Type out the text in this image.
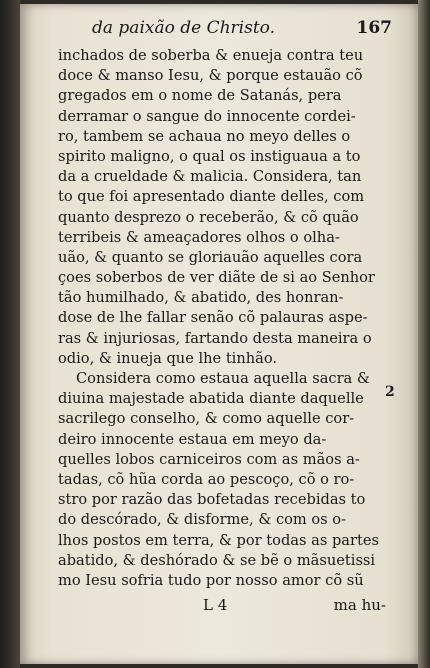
da paixão de Christo.	167
inchados de soberba & enueja contra teu
doce & manso Iesu, & porque estauão cõ
gregados em o nome de Satanás, pera
derramar o sangue do innocente cordei-
ro, tambem se achaua no meyo delles o
spirito maligno, o qual os instiguaua a to
da a crueldade & malicia. Considera, tan
to que foi apresentado diante delles, com
quanto desprezo o receberão, & cõ quão
terribeis & ameaçadores olhos o olha-
uão, & quanto se gloriauão aquelles cora
çoes soberbos de ver diãte de si ao Senhor
tão humilhado, & abatido, des honran-
dose de lhe fallar senão cõ palauras aspe-
ras & injuriosas, fartando desta maneira o
odio, & inueja que lhe tinhão.
Considera como estaua aquella sacra &
diuina majestade abatida diante daquelle
sacrilego conselho, & como aquelle cor-
deiro innocente estaua em meyo da-
quelles lobos carniceiros com as mãos a-
tadas, cõ hũa corda ao pescoço, cõ o ro-
stro por razão das bofetadas recebidas to
do descórado, & disforme, & com os o-
lhos postos em terra, & por todas as partes
abatido, & deshórado & se bẽ o mãsuetissi
mo Iesu sofria tudo por nosso amor cõ sũ
2
L 4	ma hu-
